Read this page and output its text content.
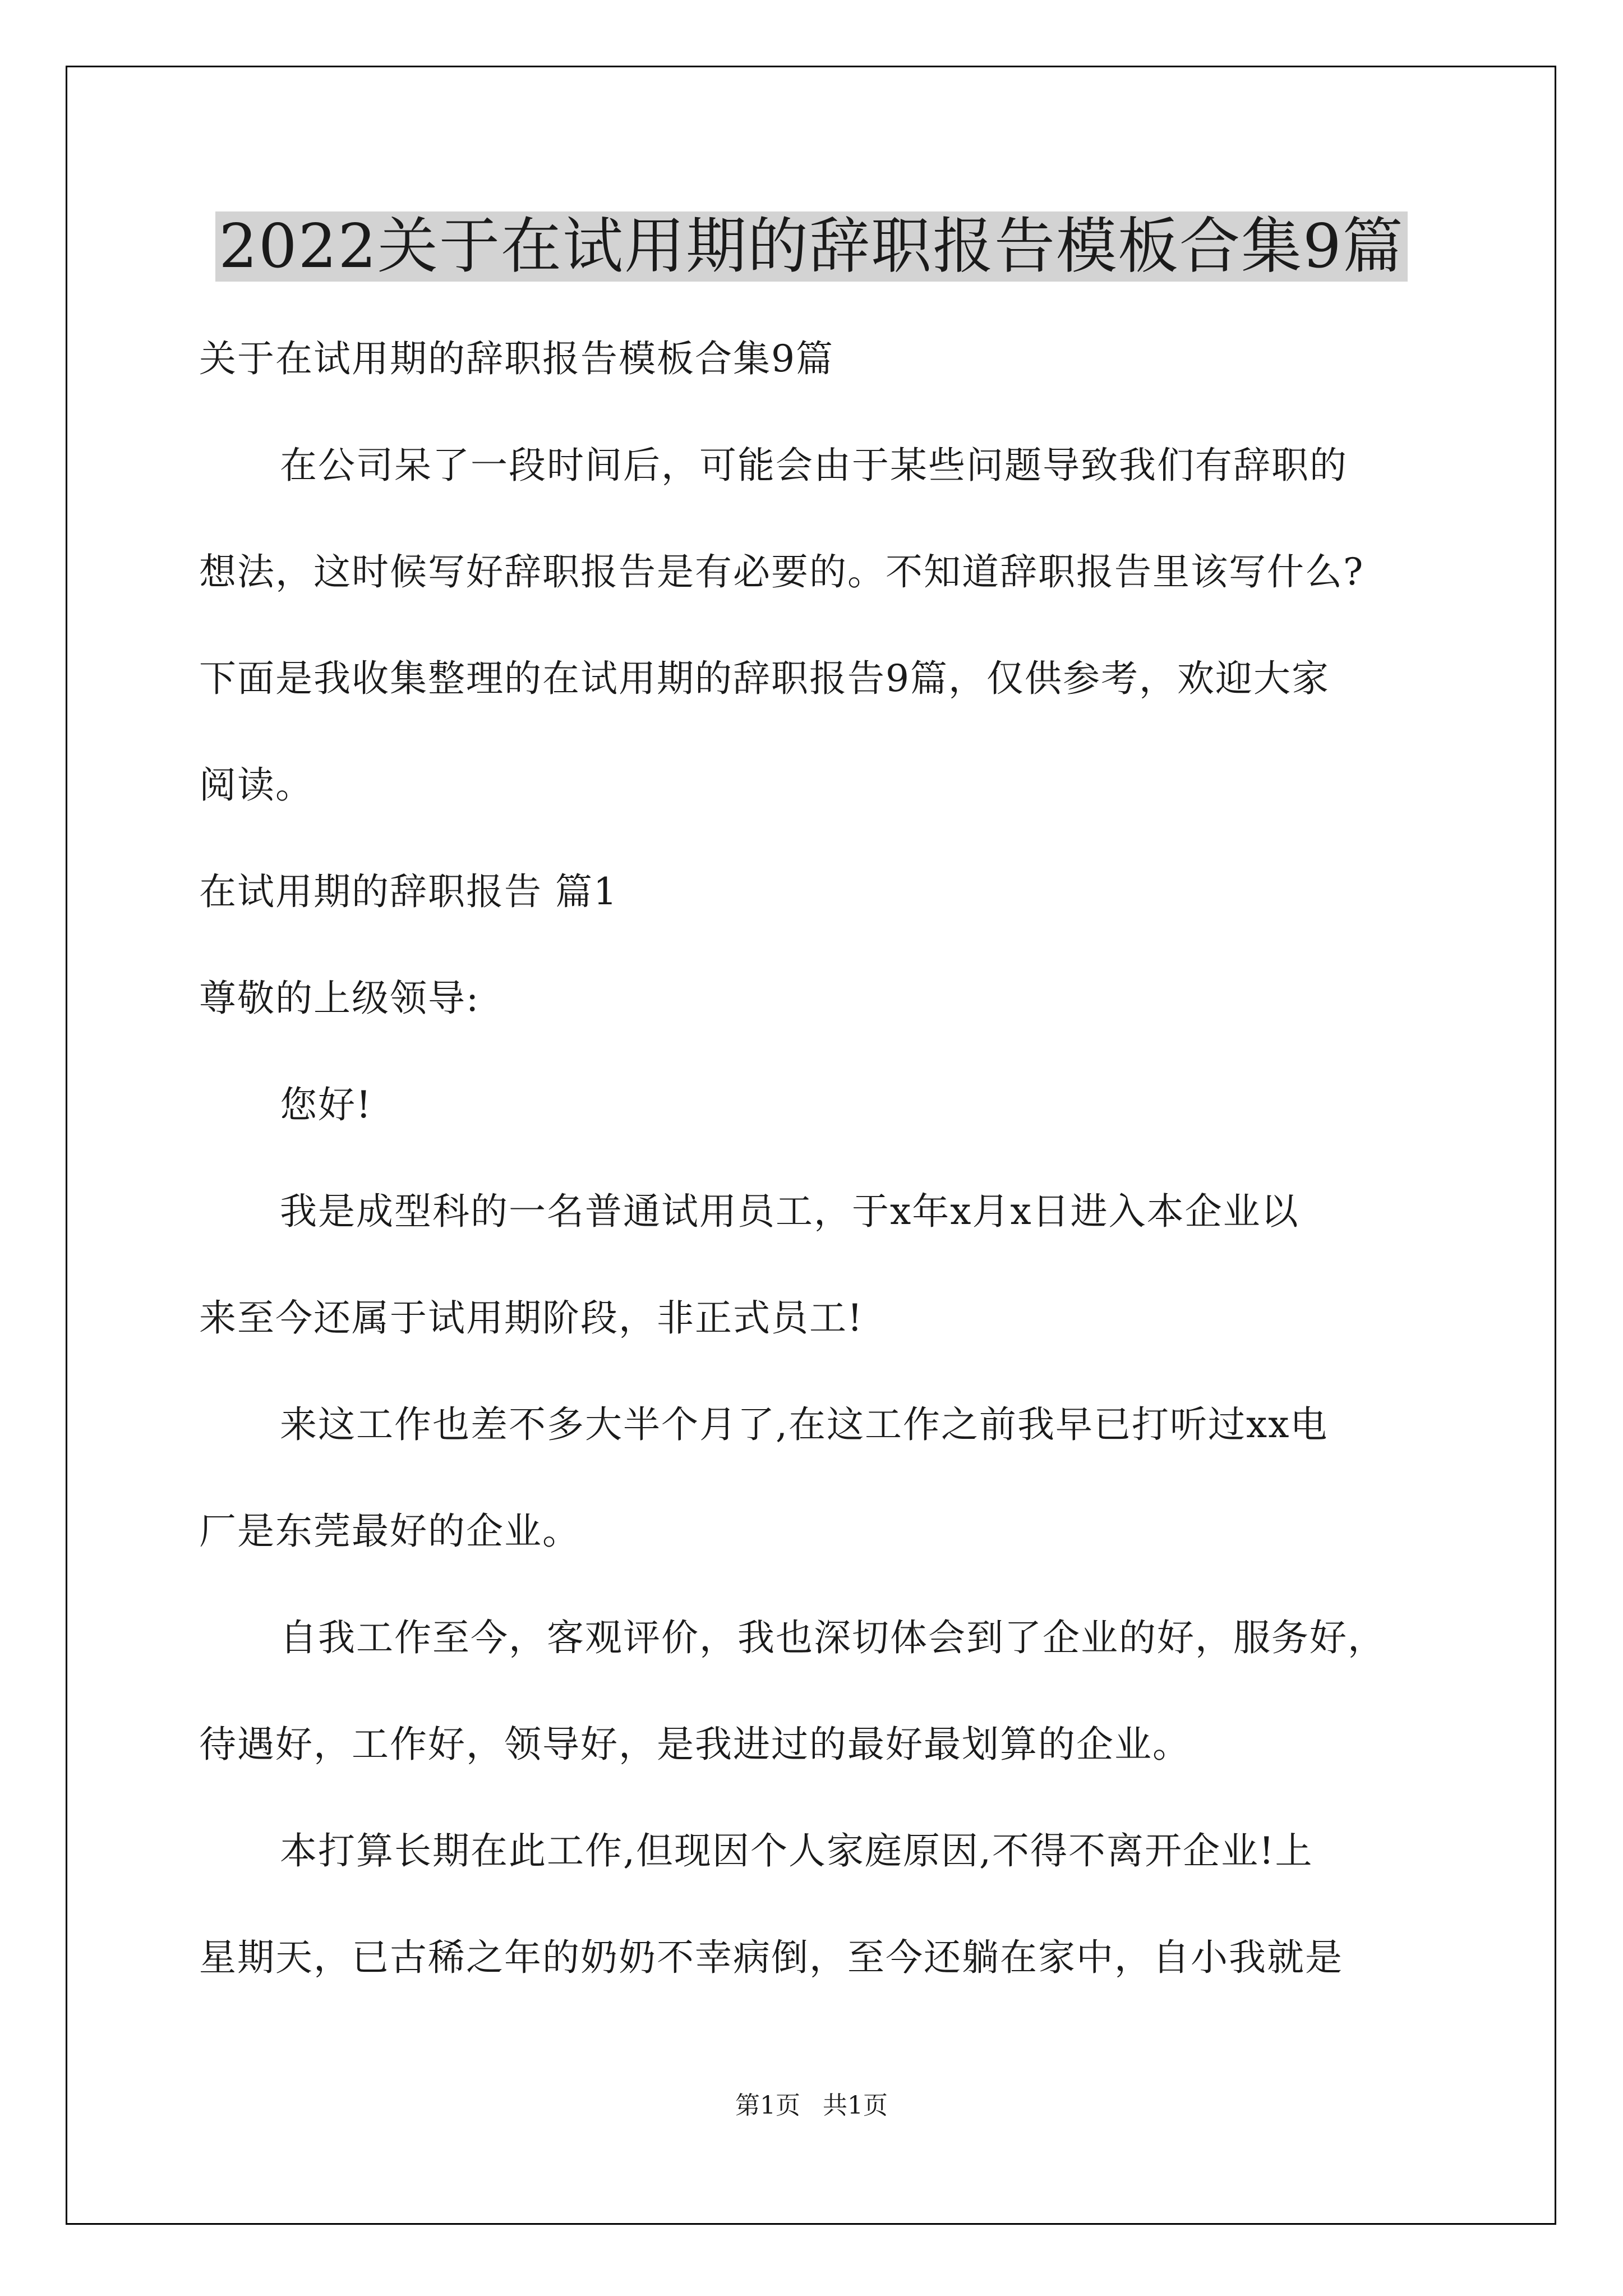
2022关于在试用期的辞职报告模板合集9篇
关于在试用期的辞职报告模板合集9篇
在公司呆了一段时间后，可能会由于某些问题导致我们有辞职的
想法，这时候写好辞职报告是有必要的。不知道辞职报告里该写什么?
下面是我收集整理的在试用期的辞职报告9篇，仅供参考，欢迎大家
阅读。
在试用期的辞职报告 篇1
尊敬的上级领导:
您好!
我是成型科的一名普通试用员工，于x年x月x日进入本企业以
来至今还属于试用期阶段，非正式员工!
来这工作也差不多大半个月了,在这工作之前我早已打听过xx电
厂是东莞最好的企业。
自我工作至今，客观评价，我也深切体会到了企业的好，服务好，
待遇好，工作好，领导好，是我进过的最好最划算的企业。
本打算长期在此工作,但现因个人家庭原因,不得不离开企业!上
星期天，已古稀之年的奶奶不幸病倒，至今还躺在家中，自小我就是
第1页 共1页
